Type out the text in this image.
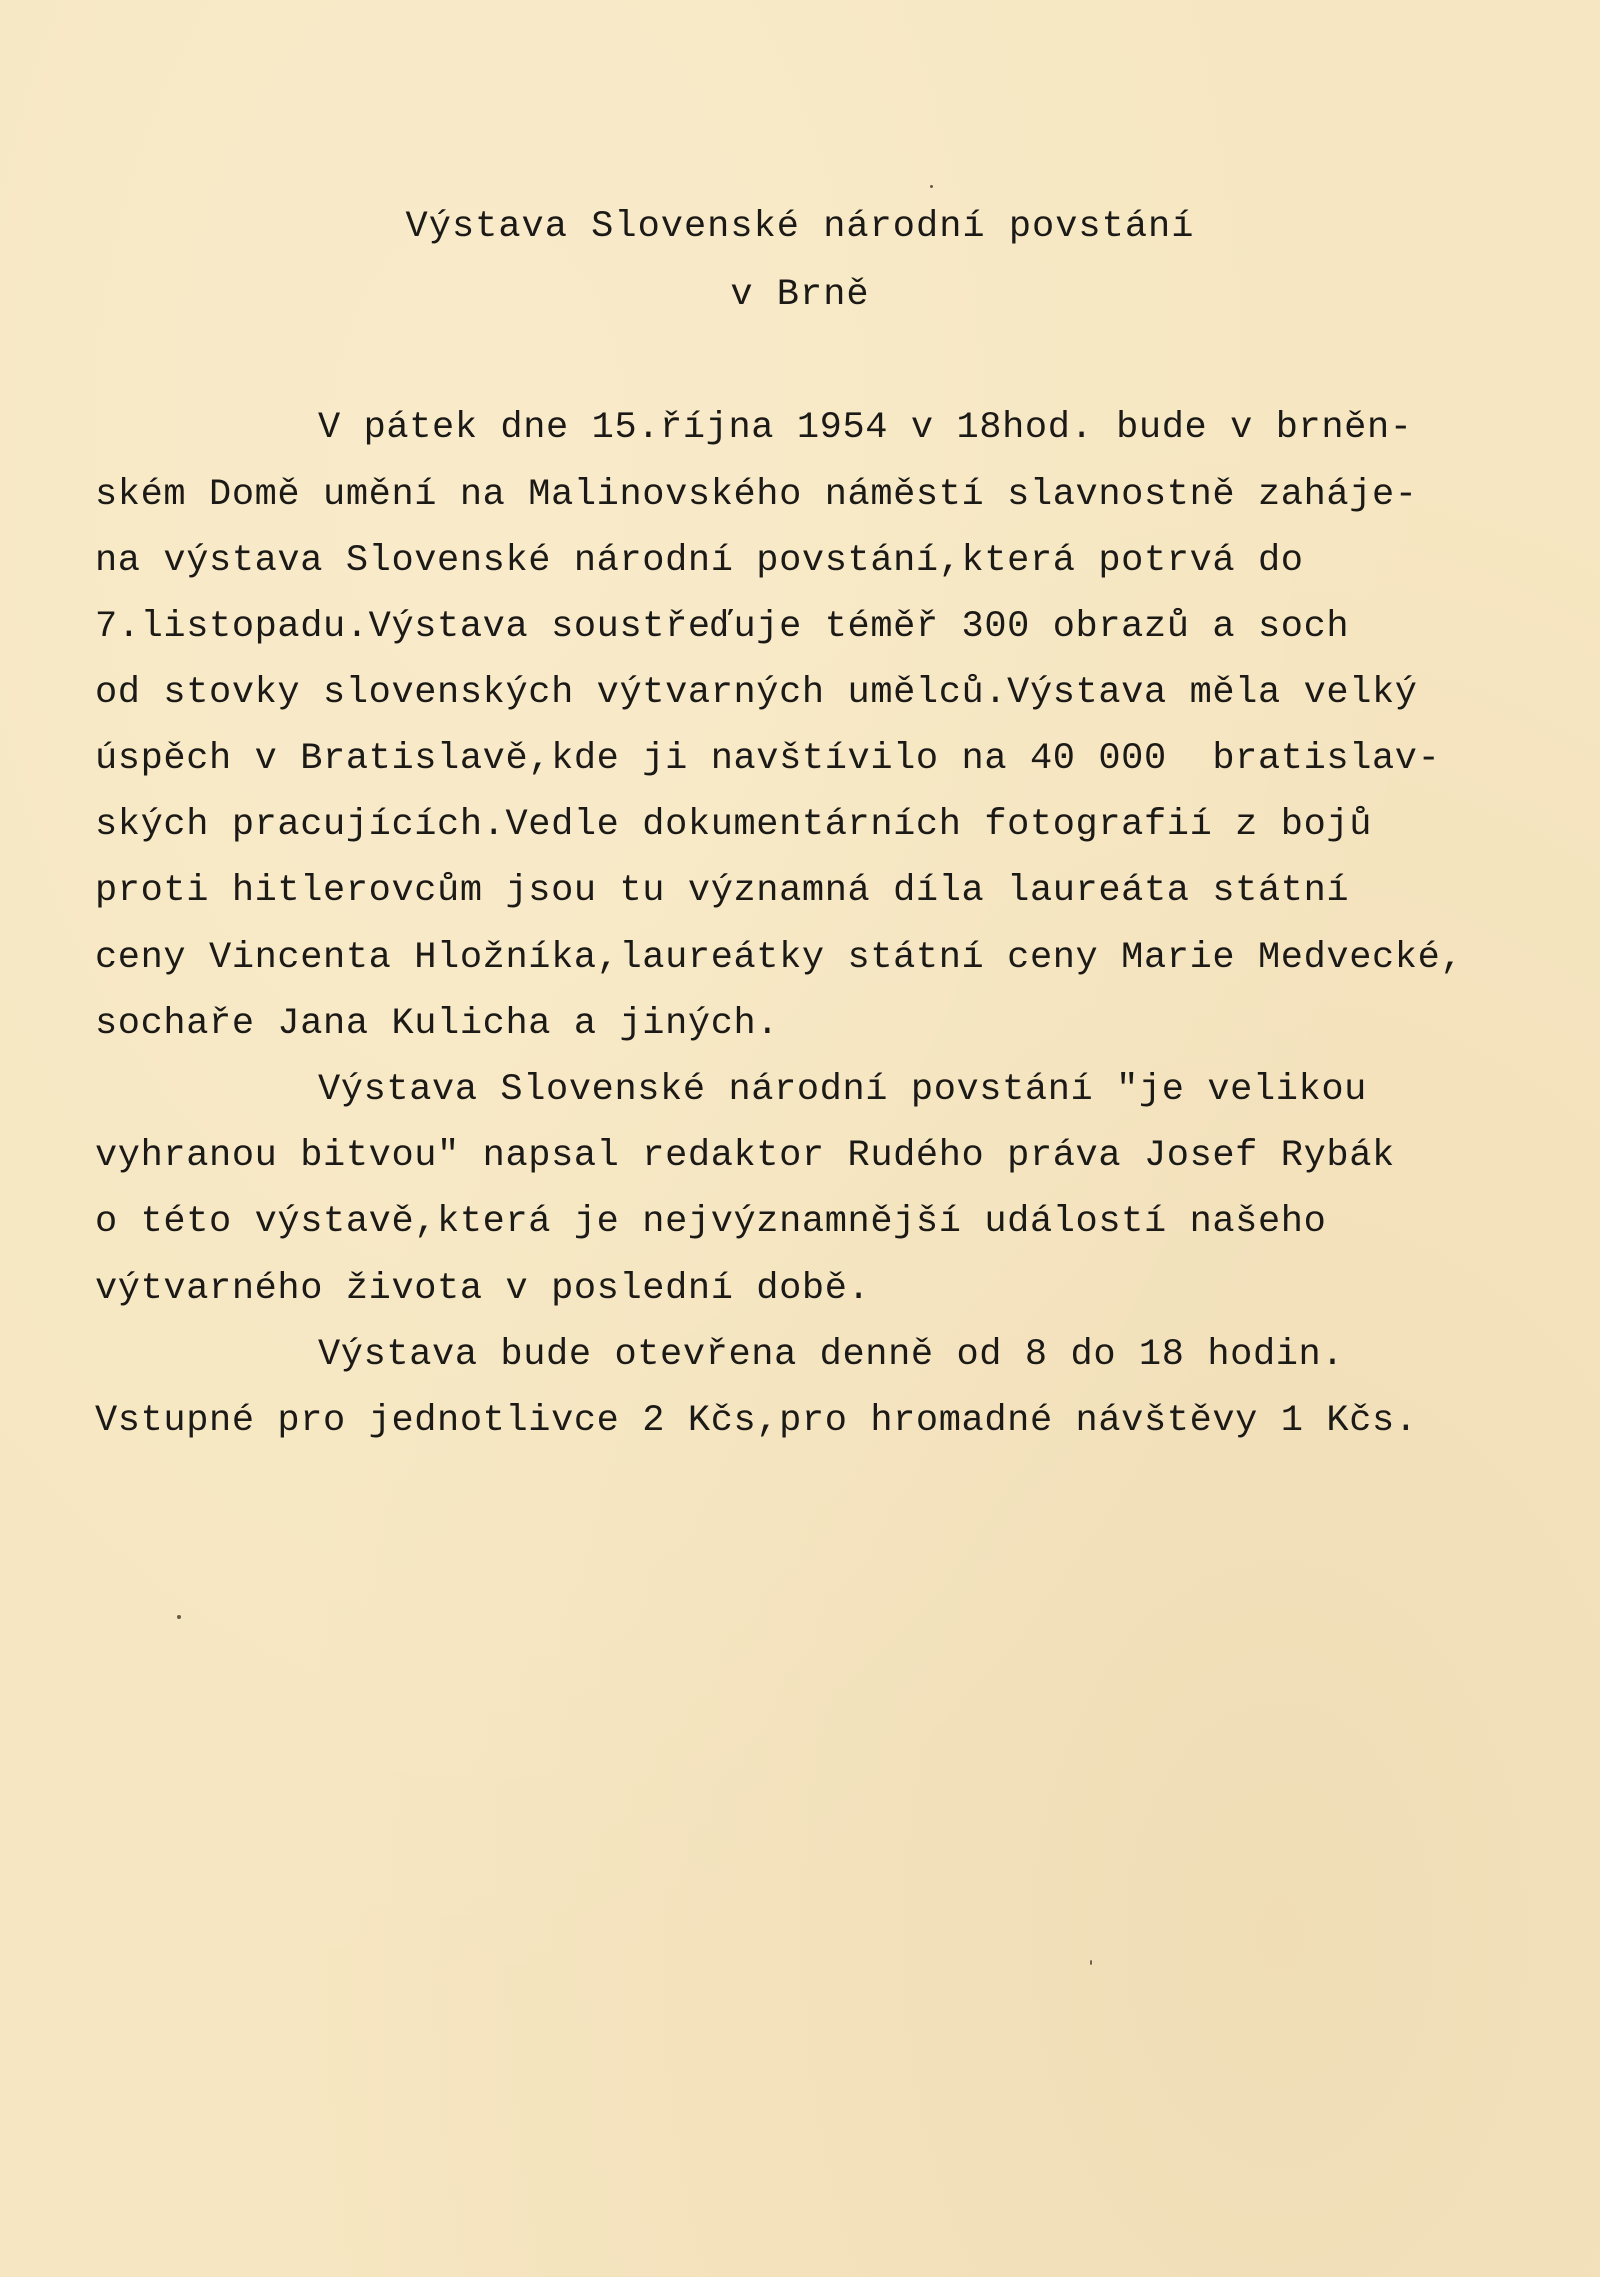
Výstava Slovenské národní povstání
v Brně
V pátek dne 15.října 1954 v 18hod. bude v brněn-
ském Domě umění na Malinovského náměstí slavnostně zaháje-
na výstava Slovenské národní povstání,která potrvá do
7.listopadu.Výstava soustřeďuje téměř 300 obrazů a soch
od stovky slovenských výtvarných umělců.Výstava měla velký
úspěch v Bratislavě,kde ji navštívilo na 40 000  bratislav-
ských pracujících.Vedle dokumentárních fotografií z bojů
proti hitlerovcům jsou tu významná díla laureáta státní
ceny Vincenta Hložníka,laureátky státní ceny Marie Medvecké,
sochaře Jana Kulicha a jiných.
Výstava Slovenské národní povstání "je velikou
vyhranou bitvou" napsal redaktor Rudého práva Josef Rybák
o této výstavě,která je nejvýznamnější událostí našeho
výtvarného života v poslední době.
Výstava bude otevřena denně od 8 do 18 hodin.
Vstupné pro jednotlivce 2 Kčs,pro hromadné návštěvy 1 Kčs.
